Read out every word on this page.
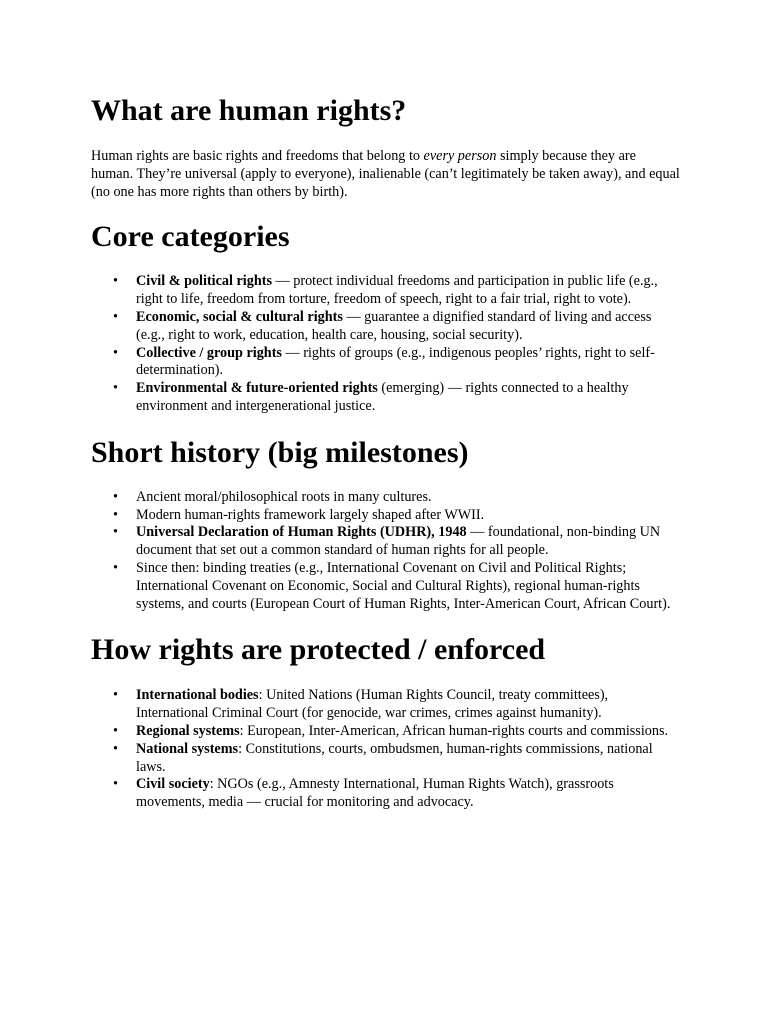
What are human rights?

Human rights are basic rights and freedoms that belong to every person simply because they are human. They’re universal (apply to everyone), inalienable (can’t legitimately be taken away), and equal (no one has more rights than others by birth).

Core categories
• Civil & political rights — protect individual freedoms and participation in public life (e.g., right to life, freedom from torture, freedom of speech, right to a fair trial, right to vote).
• Economic, social & cultural rights — guarantee a dignified standard of living and access (e.g., right to work, education, health care, housing, social security).
• Collective / group rights — rights of groups (e.g., indigenous peoples’ rights, right to self-determination).
• Environmental & future-oriented rights (emerging) — rights connected to a healthy environment and intergenerational justice.
Short history (big milestones)
• Ancient moral/philosophical roots in many cultures.
• Modern human-rights framework largely shaped after WWII.
• Universal Declaration of Human Rights (UDHR), 1948 — foundational, non-binding UN document that set out a common standard of human rights for all people.
• Since then: binding treaties (e.g., International Covenant on Civil and Political Rights; International Covenant on Economic, Social and Cultural Rights), regional human-rights systems, and courts (European Court of Human Rights, Inter-American Court, African Court).
How rights are protected / enforced
• International bodies: United Nations (Human Rights Council, treaty committees), International Criminal Court (for genocide, war crimes, crimes against humanity).
• Regional systems: European, Inter-American, African human-rights courts and commissions.
• National systems: Constitutions, courts, ombudsmen, human-rights commissions, national laws.
• Civil society: NGOs (e.g., Amnesty International, Human Rights Watch), grassroots movements, media — crucial for monitoring and advocacy.
